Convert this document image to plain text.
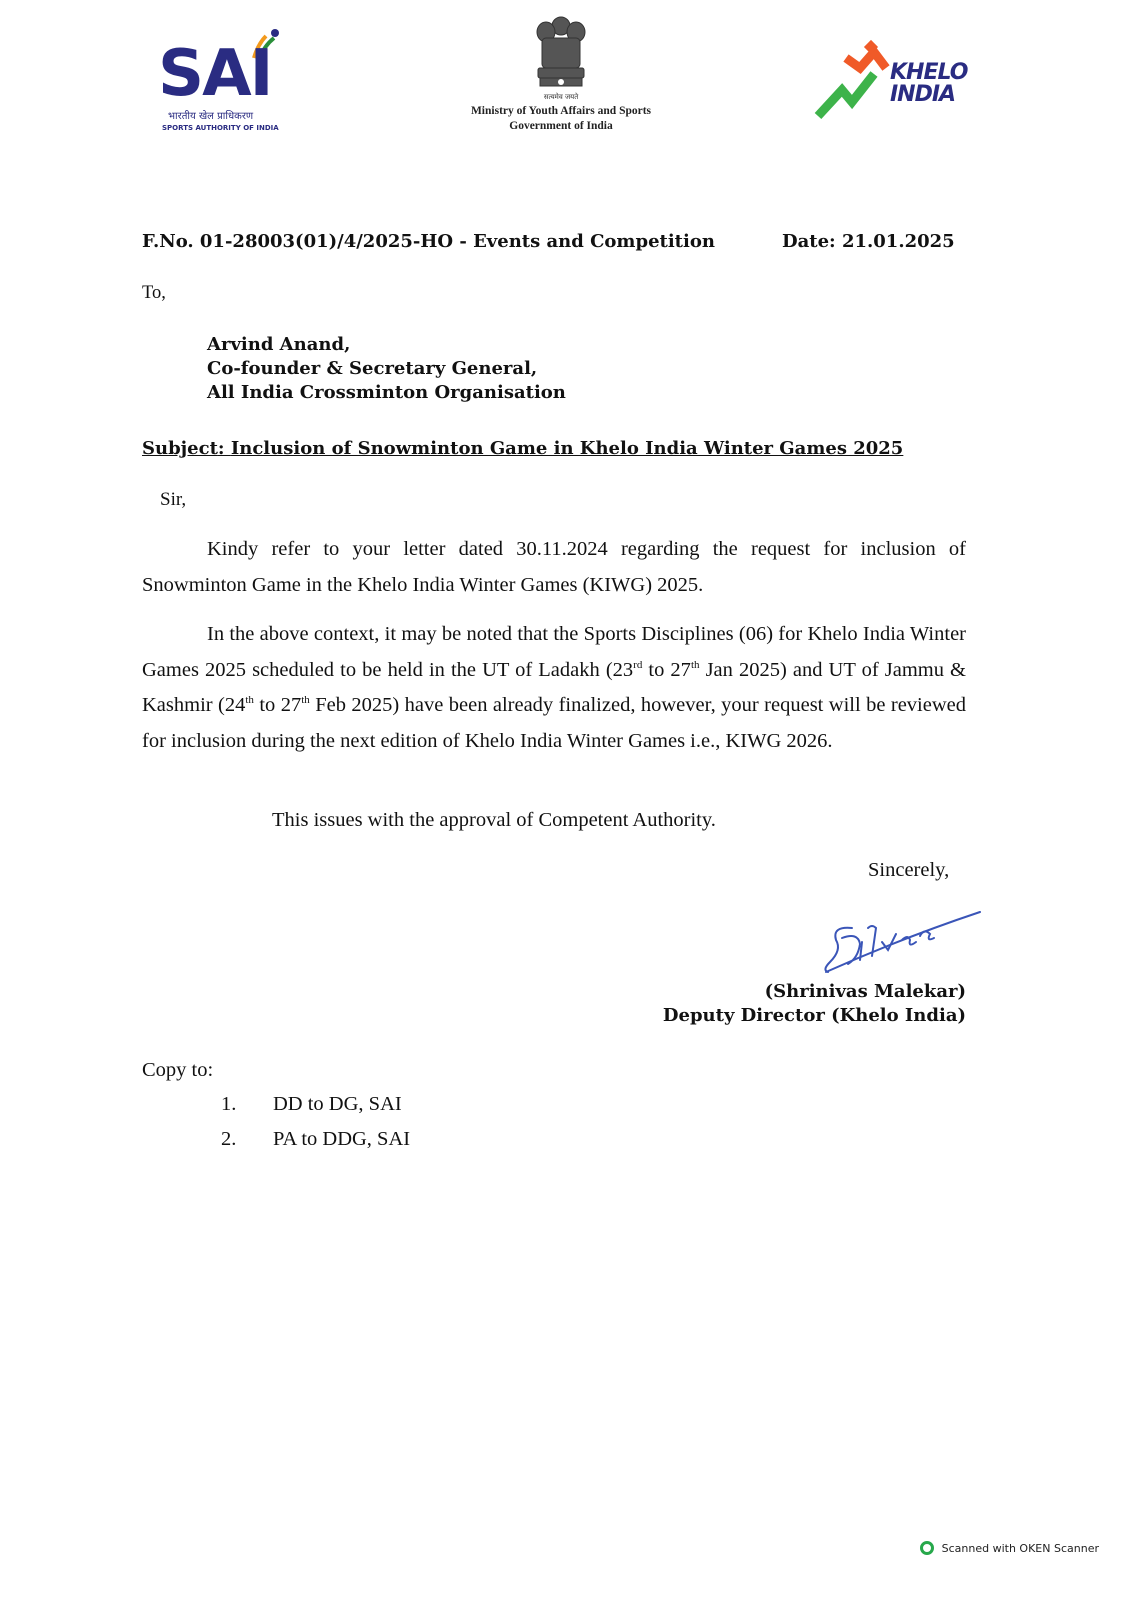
SAI
भारतीय खेल प्राधिकरण
SPORTS AUTHORITY OF INDIA
सत्यमेव जयते
Ministry of Youth Affairs and Sports
Government of India
KHELO
INDIA
F.No. 01-28003(01)/4/2025-HO - Events and Competition	Date: 21.01.2025
To,
Arvind Anand,
Co-founder & Secretary General,
All India Crossminton Organisation
Subject: Inclusion of Snowminton Game in Khelo India Winter Games 2025
Sir,

Kindy refer to your letter dated 30.11.2024 regarding the request for inclusion of Snowminton Game in the Khelo India Winter Games (KIWG) 2025.

In the above context, it may be noted that the Sports Disciplines (06) for Khelo India Winter Games 2025 scheduled to be held in the UT of Ladakh (23rd to 27th Jan 2025) and UT of Jammu & Kashmir (24th to 27th Feb 2025) have been already finalized, however, your request will be reviewed for inclusion during the next edition of Khelo India Winter Games i.e., KIWG 2026.

This issues with the approval of Competent Authority.
Sincerely,
(Shrinivas Malekar)
Deputy Director (Khelo India)
Copy to:
1. DD to DG, SAI
2. PA to DDG, SAI
Scanned with OKEN Scanner
